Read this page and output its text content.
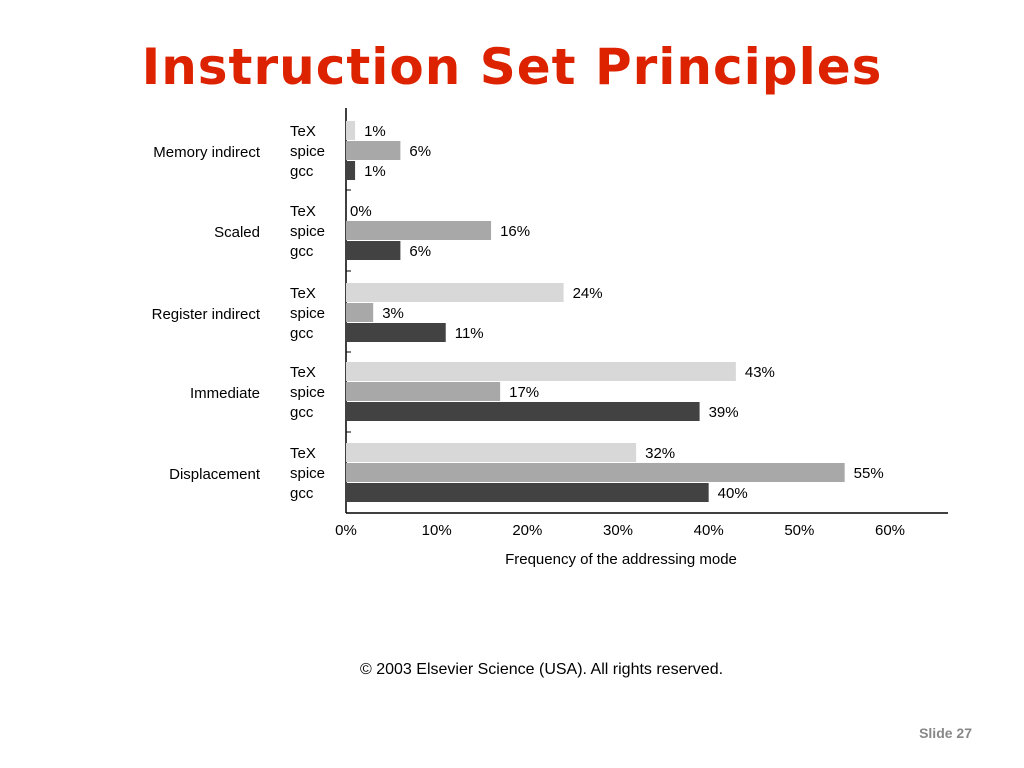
Instruction Set Principles
0%	10%	20%	30%	40%	50%	60%
Frequency of the addressing mode
Memory indirect
TeX	1%
spice	6%
gcc	1%
Scaled
TeX 0%
spice	16%
gcc	6%
Register indirect
TeX	24%
spice	3%
gcc	11%
Immediate
TeX	43%
spice	17%
gcc	39%
Displacement
TeX	32%
spice	55%
gcc	40%
© 2003 Elsevier Science (USA). All rights reserved.
Slide 27
